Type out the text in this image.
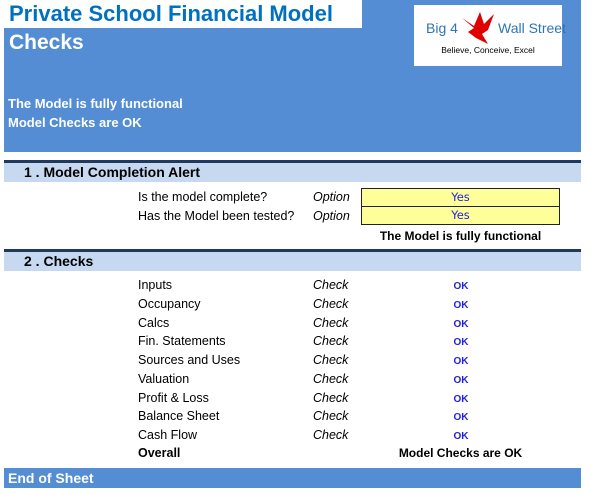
Private School Financial Model
Checks
The Model is fully functional
Model Checks are OK
Big 4	Wall Street
Believe, Conceive, Excel
1 . Model Completion Alert
Is the model complete?	Option	Yes
Has the Model been tested? Option	Yes
The Model is fully functional
2 . Checks
Inputs	Check	OK
Occupancy	Check	OK
Calcs	Check	OK
Fin. Statements	Check	OK
Sources and Uses	Check	OK
Valuation	Check	OK
Profit & Loss	Check	OK
Balance Sheet	Check	OK
Cash Flow	Check	OK
Overall	Model Checks are OK
End of Sheet
